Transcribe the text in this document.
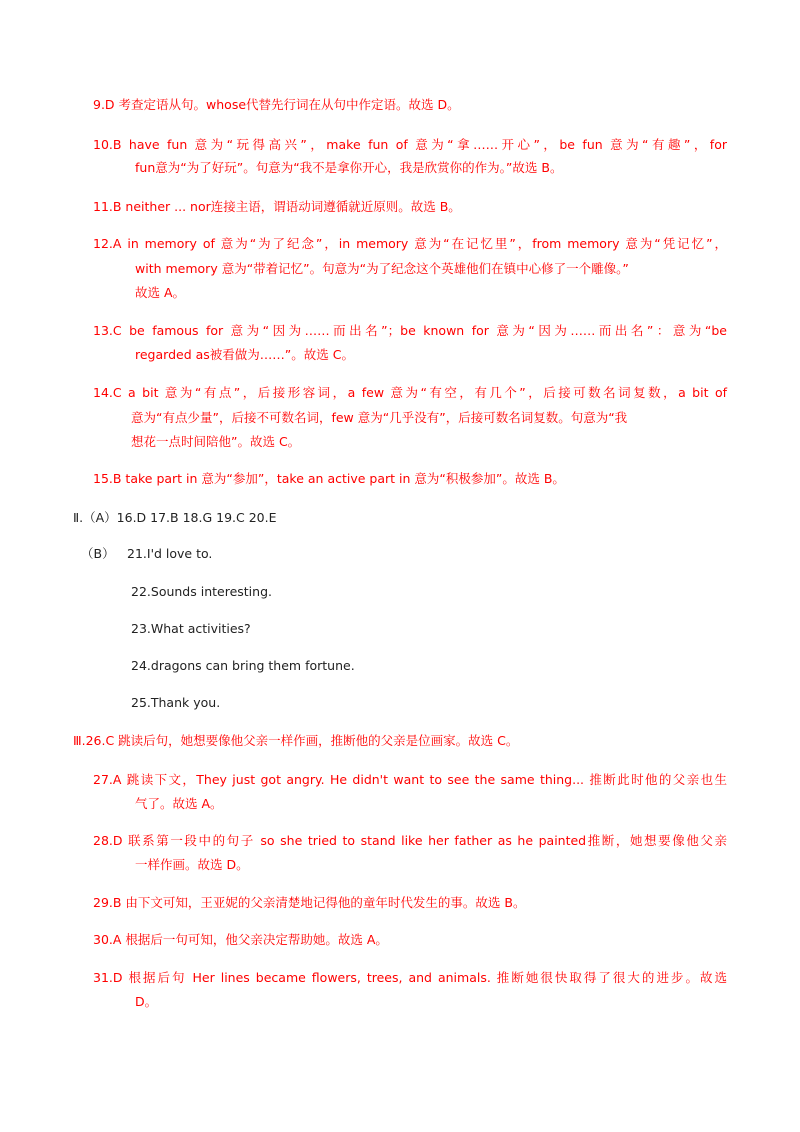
9.D 考查定语从句。whose代替先行词在从句中作定语。故选 D。
10.B have fun 意为“玩得高兴”，make fun of 意为“拿……开心”，be fun 意为“有趣”，for
fun意为“为了好玩”。句意为“我不是拿你开心，我是欣赏你的作为。”故选 B。
11.B neither ... nor连接主语，谓语动词遵循就近原则。故选 B。
12.A in memory of 意为“为了纪念”，in memory 意为“在记忆里”，from memory 意为“凭记忆”，
with memory 意为“带着记忆”。句意为“为了纪念这个英雄他们在镇中心修了一个雕像。”
故选 A。
13.C be famous for 意为“因为……而出名”；be known for 意为“因为……而出名”：意为“be
regarded as被看做为……”。故选 C。
14.C a bit 意为“有点”，后接形容词，a few 意为“有空，有几个”，后接可数名词复数，a bit of
意为“有点少量”，后接不可数名词，few 意为“几乎没有”，后接可数名词复数。句意为“我
想花一点时间陪他”。故选 C。
15.B take part in 意为“参加”，take an active part in 意为“积极参加”。故选 B。
Ⅱ.（A）16.D 17.B 18.G 19.C 20.E
（B） 21.I'd love to.
22.Sounds interesting.
23.What activities?
24.dragons can bring them fortune.
25.Thank you.
Ⅲ.26.C 跳读后句，她想要像他父亲一样作画，推断他的父亲是位画家。故选 C。
27.A 跳读下文，They just got angry. He didn't want to see the same thing... 推断此时他的父亲也生
气了。故选 A。
28.D 联系第一段中的句子 so she tried to stand like her father as he painted推断，她想要像他父亲
一样作画。故选 D。
29.B 由下文可知，王亚妮的父亲清楚地记得他的童年时代发生的事。故选 B。
30.A 根据后一句可知，他父亲决定帮助她。故选 A。
31.D 根据后句 Her lines became flowers, trees, and animals. 推断她很快取得了很大的进步。故选
D。
